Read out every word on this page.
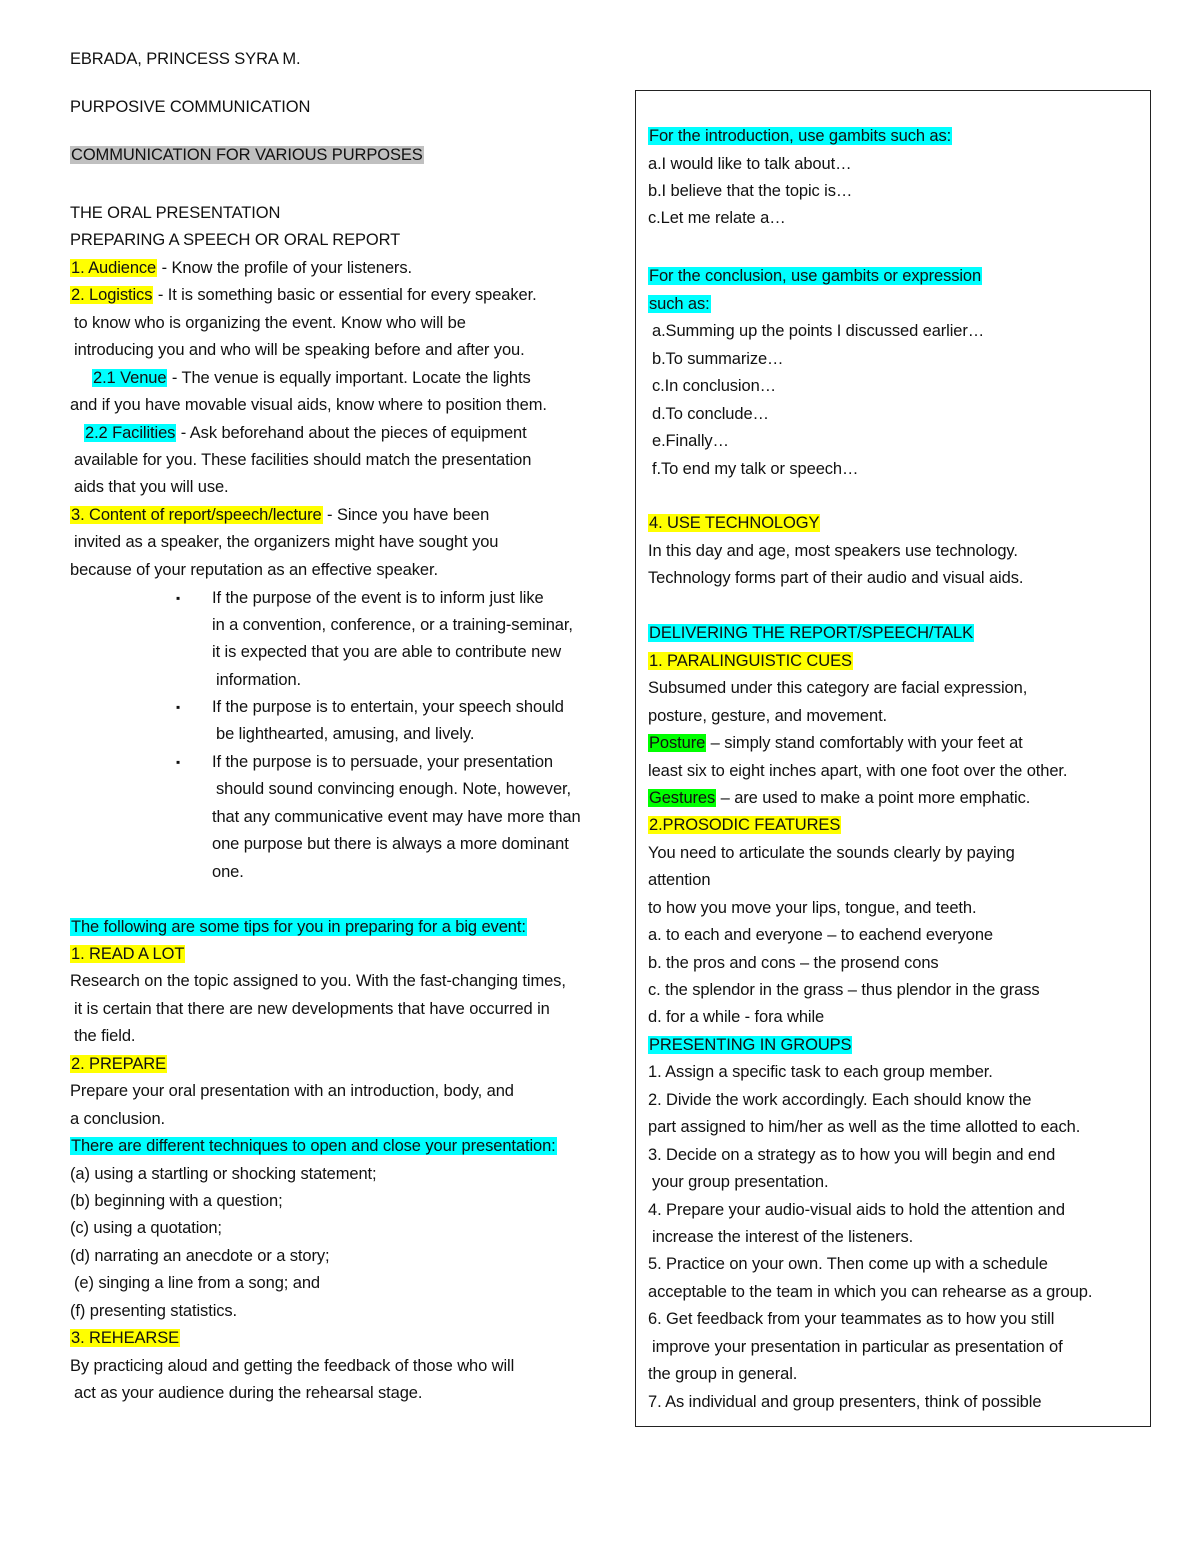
EBRADA, PRINCESS SYRA M.
PURPOSIVE COMMUNICATION
COMMUNICATION FOR VARIOUS PURPOSES
THE ORAL PRESENTATION
PREPARING A SPEECH OR ORAL REPORT
1. Audience - Know the profile of your listeners.
2. Logistics - It is something basic or essential for every speaker.
to know who is organizing the event. Know who will be
introducing you and who will be speaking before and after you.
2.1 Venue - The venue is equally important. Locate the lights
and if you have movable visual aids, know where to position them.
2.2 Facilities - Ask beforehand about the pieces of equipment
available for you. These facilities should match the presentation
aids that you will use.
3. Content of report/speech/lecture - Since you have been
invited as a speaker, the organizers might have sought you
because of your reputation as an effective speaker.
▪ If the purpose of the event is to inform just like
in a convention, conference, or a training-seminar,
it is expected that you are able to contribute new
information.
▪ If the purpose is to entertain, your speech should
be lighthearted, amusing, and lively.
▪ If the purpose is to persuade, your presentation
should sound convincing enough. Note, however,
that any communicative event may have more than
one purpose but there is always a more dominant
one.
The following are some tips for you in preparing for a big event:
1. READ A LOT
Research on the topic assigned to you. With the fast-changing times,
it is certain that there are new developments that have occurred in
the field.
2. PREPARE
Prepare your oral presentation with an introduction, body, and
a conclusion.
There are different techniques to open and close your presentation:
(a) using a startling or shocking statement;
(b) beginning with a question;
(c) using a quotation;
(d) narrating an anecdote or a story;
(e) singing a line from a song; and
(f) presenting statistics.
3. REHEARSE
By practicing aloud and getting the feedback of those who will
act as your audience during the rehearsal stage.
For the introduction, use gambits such as:
a.I would like to talk about…
b.I believe that the topic is…
c.Let me relate a…
For the conclusion, use gambits or expression
such as:
a.Summing up the points I discussed earlier…
b.To summarize…
c.In conclusion…
d.To conclude…
e.Finally…
f.To end my talk or speech…
4. USE TECHNOLOGY
In this day and age, most speakers use technology.
Technology forms part of their audio and visual aids.
DELIVERING THE REPORT/SPEECH/TALK
1. PARALINGUISTIC CUES
Subsumed under this category are facial expression,
posture, gesture, and movement.
Posture – simply stand comfortably with your feet at
least six to eight inches apart, with one foot over the other.
Gestures – are used to make a point more emphatic.
2.PROSODIC FEATURES
You need to articulate the sounds clearly by paying
attention
to how you move your lips, tongue, and teeth.
a. to each and everyone – to eachend everyone
b. the pros and cons – the prosend cons
c. the splendor in the grass – thus plendor in the grass
d. for a while - fora while
PRESENTING IN GROUPS
1. Assign a specific task to each group member.
2. Divide the work accordingly. Each should know the
part assigned to him/her as well as the time allotted to each.
3. Decide on a strategy as to how you will begin and end
your group presentation.
4. Prepare your audio-visual aids to hold the attention and
increase the interest of the listeners.
5. Practice on your own. Then come up with a schedule
acceptable to the team in which you can rehearse as a group.
6. Get feedback from your teammates as to how you still
improve your presentation in particular as presentation of
the group in general.
7. As individual and group presenters, think of possible
